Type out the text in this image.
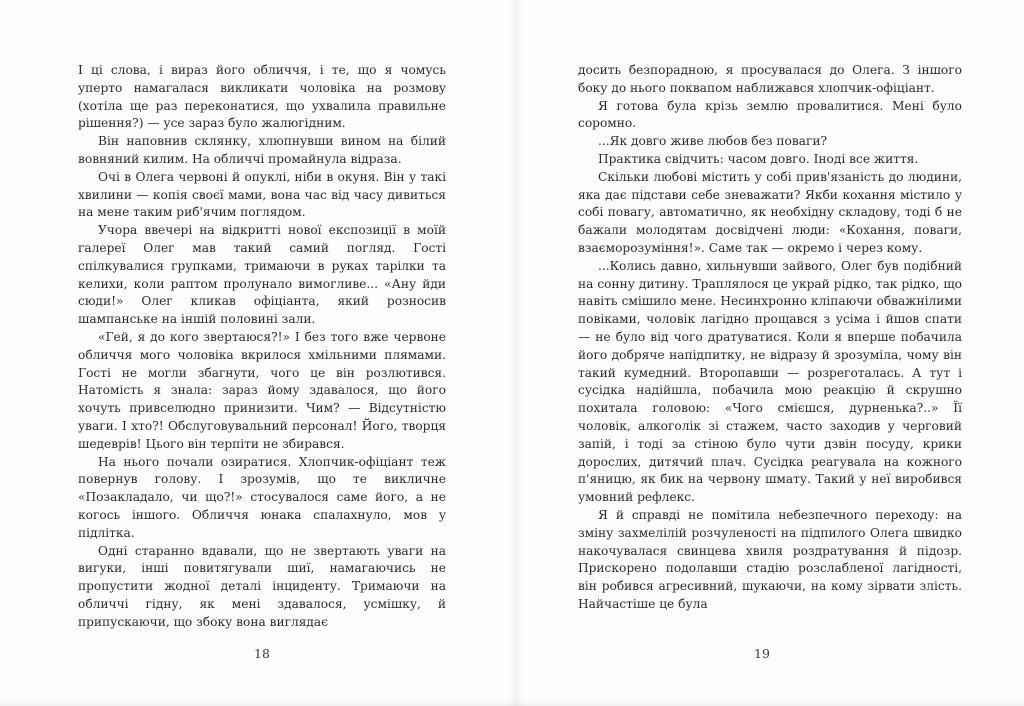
І ці слова, і вираз його обличчя, і те, що я чомусь уперто намагалася викликати чоловіка на розмову (хотіла ще раз переконатися, що ухвалила правильне рішення?) — усе зараз було жалюгідним.

Він наповнив склянку, хлюпнувши вином на білий вовняний килим. На обличчі промайнула відраза.

Очі в Олега червоні й опуклі, ніби в окуня. Він у такі хвилини — копія своєї мами, вона час від часу дивиться на мене таким риб'ячим поглядом.

Учора ввечері на відкритті нової експозиції в моїй галереї Олег мав такий самий погляд. Гості спілкувалися групками, тримаючи в руках тарілки та келихи, коли раптом пролунало вимогливе... «Ану йди сюди!» Олег кликав офіціанта, який розносив шампанське на іншій половині зали.

«Гей, я до кого звертаюся?!» І без того вже червоне обличчя мого чоловіка вкрилося хмільними плямами. Гості не могли збагнути, чого це він розлютився. Натомість я знала: зараз йому здавалося, що його хочуть привселюдно принизити. Чим? — Відсутністю уваги. І хто?! Обслуговувальний персонал! Його, творця шедеврів! Цього він терпіти не збирався.

На нього почали озиратися. Хлопчик-офіціант теж повернув голову. І зрозумів, що те викличне «Позакладало, чи що?!» стосувалося саме його, а не когось іншого. Обличчя юнака спалахнуло, мов у підлітка.

Одні старанно вдавали, що не звертають уваги на вигуки, інші повитягували шиї, намагаючись не пропустити жодної деталі інциденту. Тримаючи на обличчі гідну, як мені здавалося, усмішку, й припускаючи, що збоку вона виглядає

18

досить безпорадною, я просувалася до Олега. З іншого боку до нього поквапом наближався хлопчик-офіціант.

Я готова була крізь землю провалитися. Мені було соромно.

...Як довго живе любов без поваги?

Практика свідчить: часом довго. Іноді все життя.

Скільки любові містить у собі прив'язаність до людини, яка дає підстави себе зневажати? Якби кохання містило у собі повагу, автоматично, як необхідну складову, тоді б не бажали молодятам досвідчені люди: «Кохання, поваги, взаєморозуміння!». Саме так — окремо і через кому.

...Колись давно, хильнувши зайвого, Олег був подібний на сонну дитину. Траплялося це украй рідко, так рідко, що навіть смішило мене. Несинхронно кліпаючи обважнілими повіками, чоловік лагідно прощався з усіма і йшов спати — не було від чого дратуватися. Коли я вперше побачила його добряче напідпитку, не відразу й зрозуміла, чому він такий кумедний. Второпавши — розреготалась. А тут і сусідка надійшла, побачила мою реакцію й скрушно похитала головою: «Чого смієшся, дурненька?..» Її чоловік, алкоголік зі стажем, часто заходив у черговий запій, і тоді за стіною було чути дзвін посуду, крики дорослих, дитячий плач. Сусідка реагувала на кожного п'яницю, як бик на червону шмату. Такий у неї виробився умовний рефлекс.

Я й справді не помітила небезпечного переходу: на зміну захмелілій розчуленості на підпилого Олега швидко накочувалася свинцева хвиля роздратування й підозр. Прискорено подолавши стадію розслабленої лагідності, він робився агресивний, шукаючи, на кому зірвати злість. Найчастіше це була

19
